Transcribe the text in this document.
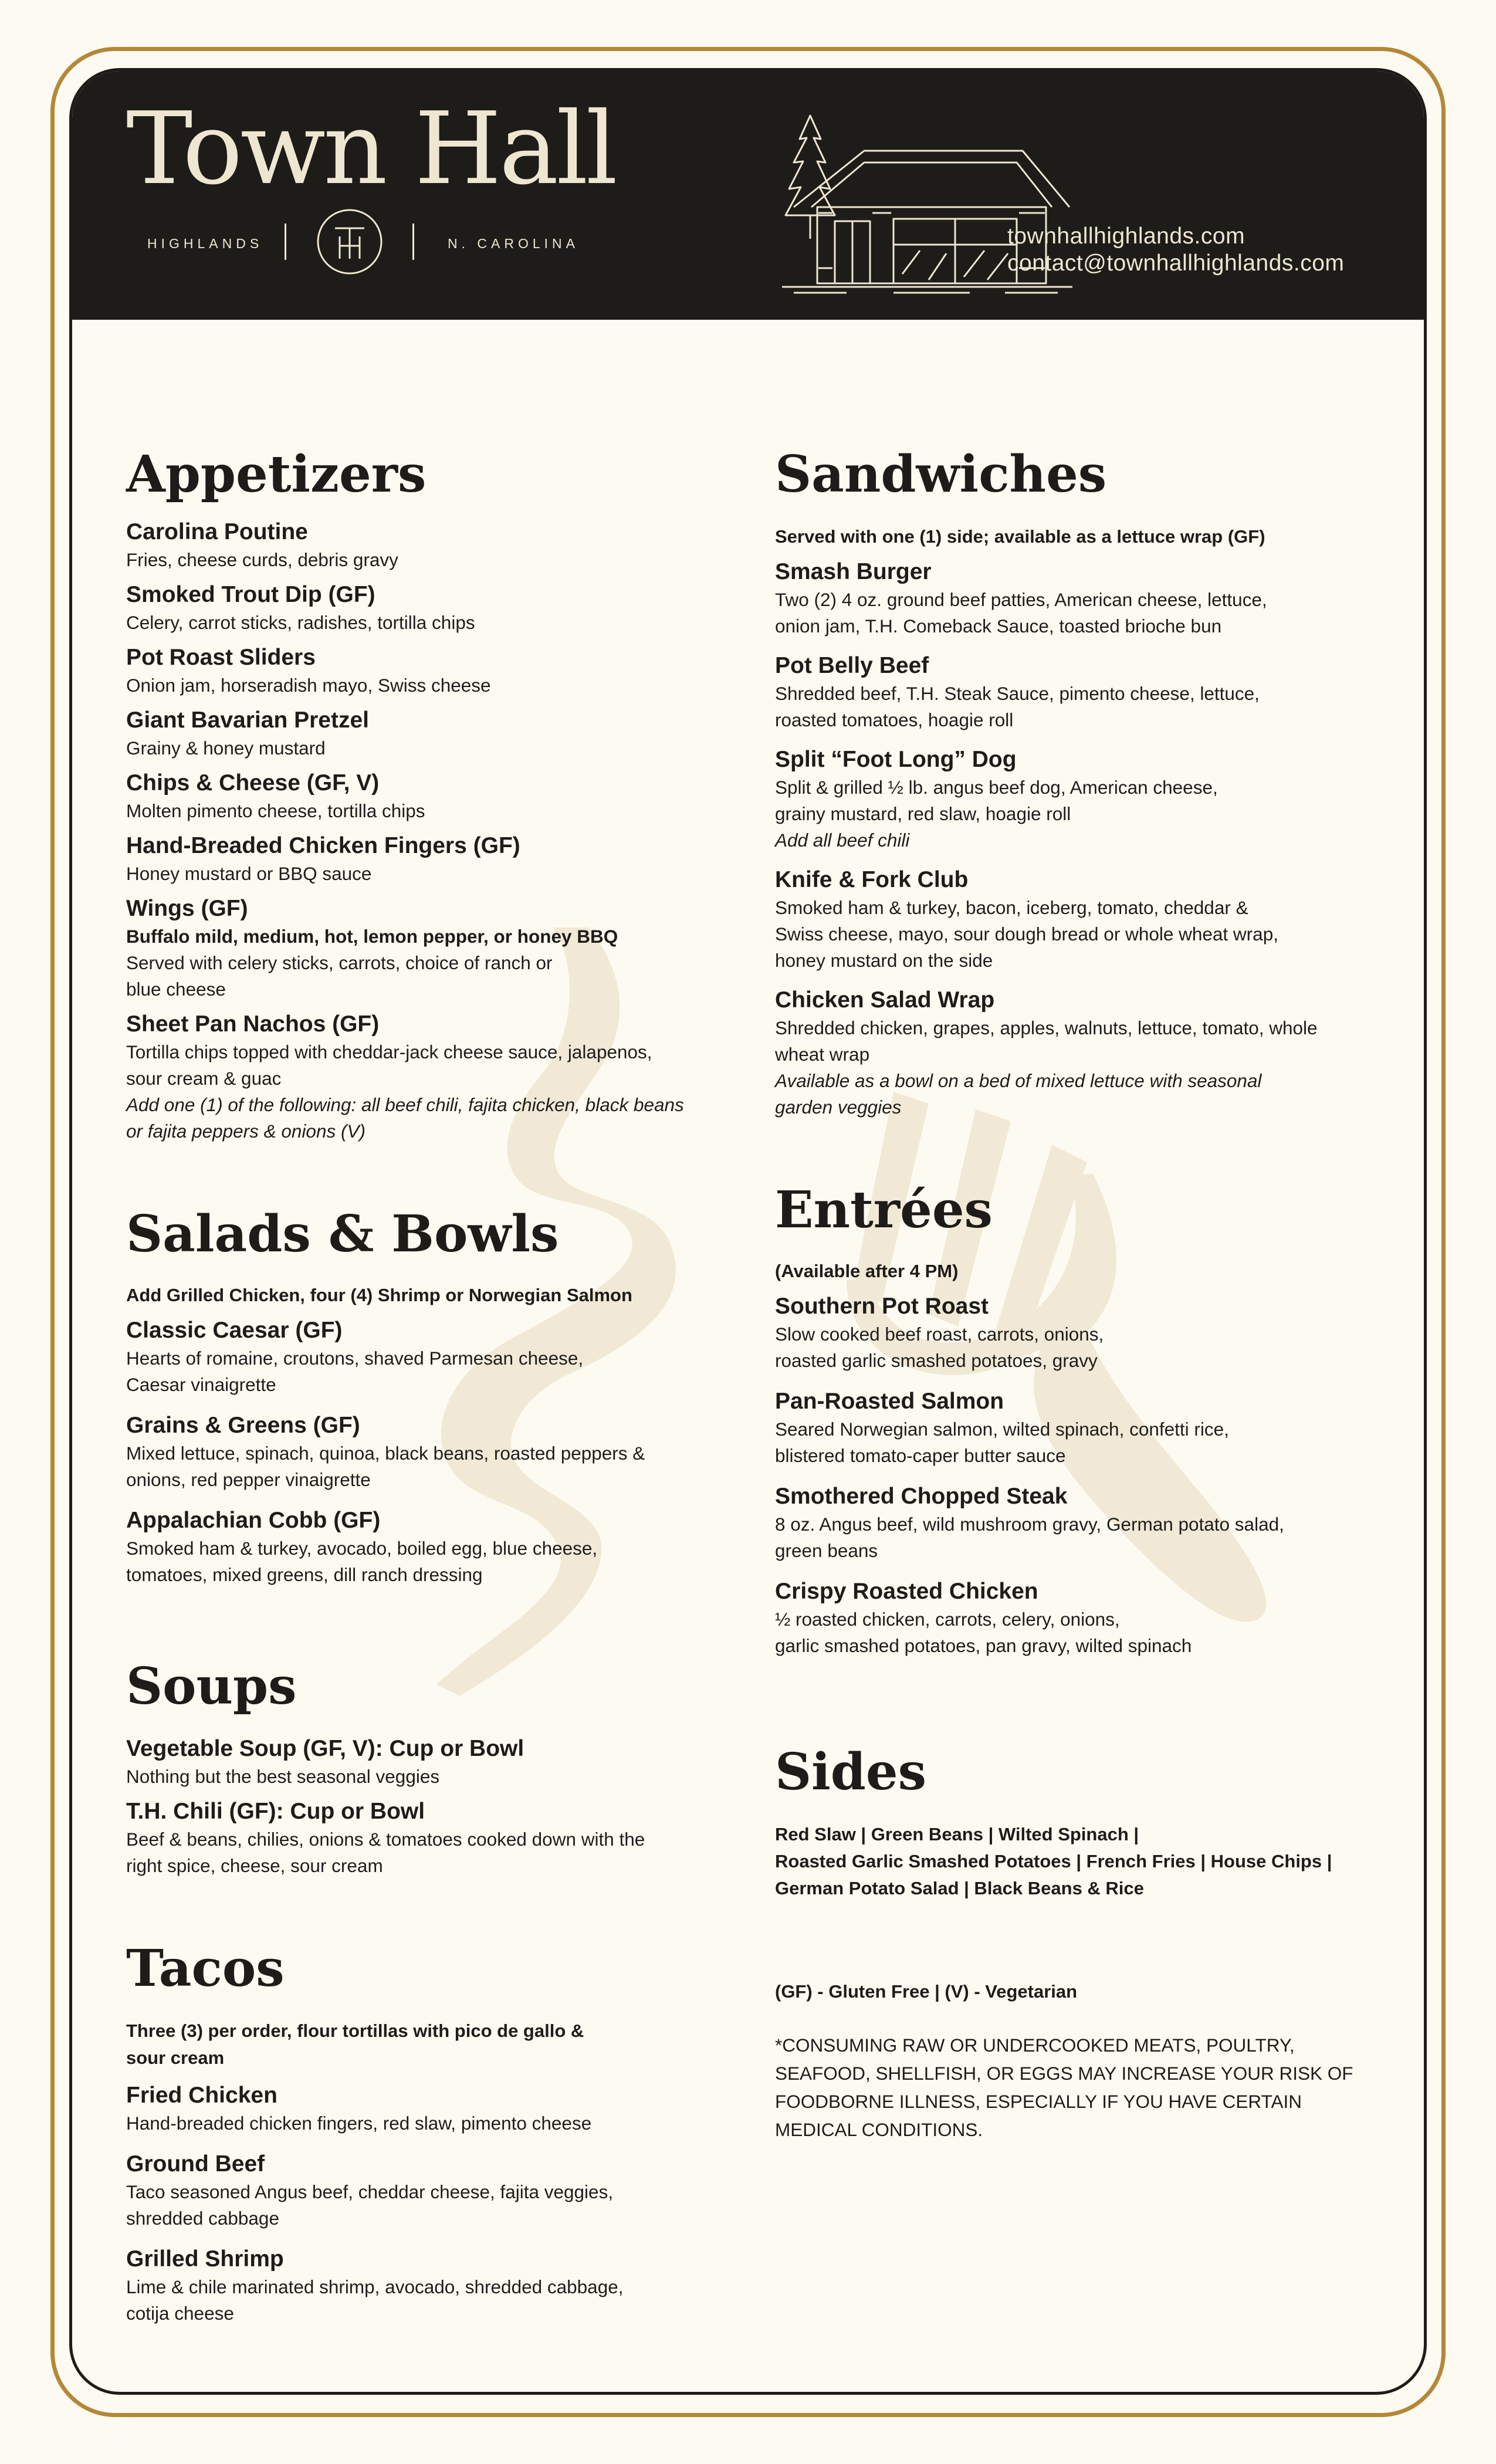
Town Hall
HIGHLANDS	N. CAROLINA	townhallhighlands.com
contact@townhallhighlands.com
Appetizers

Carolina Poutine

Fries, cheese curds, debris gravy

Smoked Trout Dip (GF)

Celery, carrot sticks, radishes, tortilla chips

Pot Roast Sliders

Onion jam, horseradish mayo, Swiss cheese

Giant Bavarian Pretzel

Grainy & honey mustard

Chips & Cheese (GF, V)

Molten pimento cheese, tortilla chips

Hand-Breaded Chicken Fingers (GF)

Honey mustard or BBQ sauce

Wings (GF)

Buffalo mild, medium, hot, lemon pepper, or honey BBQ

Served with celery sticks, carrots, choice of ranch or

blue cheese

Sheet Pan Nachos (GF)

Tortilla chips topped with cheddar-jack cheese sauce, jalapenos,

sour cream & guac

Add one (1) of the following: all beef chili, fajita chicken, black beans

or fajita peppers & onions (V)

Salads & Bowls

Add Grilled Chicken, four (4) Shrimp or Norwegian Salmon

Classic Caesar (GF)

Hearts of romaine, croutons, shaved Parmesan cheese,

Caesar vinaigrette

Grains & Greens (GF)

Mixed lettuce, spinach, quinoa, black beans, roasted peppers &

onions, red pepper vinaigrette

Appalachian Cobb (GF)

Smoked ham & turkey, avocado, boiled egg, blue cheese,

tomatoes, mixed greens, dill ranch dressing

Soups

Vegetable Soup (GF, V): Cup or Bowl

Nothing but the best seasonal veggies

T.H. Chili (GF): Cup or Bowl

Beef & beans, chilies, onions & tomatoes cooked down with the

right spice, cheese, sour cream

Tacos

Three (3) per order, flour tortillas with pico de gallo &

sour cream

Fried Chicken

Hand-breaded chicken fingers, red slaw, pimento cheese

Ground Beef

Taco seasoned Angus beef, cheddar cheese, fajita veggies,

shredded cabbage

Grilled Shrimp

Lime & chile marinated shrimp, avocado, shredded cabbage,

cotija cheese

Sandwiches

Served with one (1) side; available as a lettuce wrap (GF)

Smash Burger

Two (2) 4 oz. ground beef patties, American cheese, lettuce,

onion jam, T.H. Comeback Sauce, toasted brioche bun

Pot Belly Beef

Shredded beef, T.H. Steak Sauce, pimento cheese, lettuce,

roasted tomatoes, hoagie roll

Split “Foot Long” Dog

Split & grilled ½ lb. angus beef dog, American cheese,

grainy mustard, red slaw, hoagie roll

Add all beef chili

Knife & Fork Club

Smoked ham & turkey, bacon, iceberg, tomato, cheddar &

Swiss cheese, mayo, sour dough bread or whole wheat wrap,

honey mustard on the side

Chicken Salad Wrap

Shredded chicken, grapes, apples, walnuts, lettuce, tomato, whole

wheat wrap

Available as a bowl on a bed of mixed lettuce with seasonal

garden veggies

Entrées

(Available after 4 PM)

Southern Pot Roast

Slow cooked beef roast, carrots, onions,

roasted garlic smashed potatoes, gravy

Pan-Roasted Salmon

Seared Norwegian salmon, wilted spinach, confetti rice,

blistered tomato-caper butter sauce

Smothered Chopped Steak

8 oz. Angus beef, wild mushroom gravy, German potato salad,

green beans

Crispy Roasted Chicken

½ roasted chicken, carrots, celery, onions,

garlic smashed potatoes, pan gravy, wilted spinach

Sides

Red Slaw | Green Beans | Wilted Spinach |

Roasted Garlic Smashed Potatoes | French Fries | House Chips |

German Potato Salad | Black Beans & Rice

(GF) - Gluten Free | (V) - Vegetarian

*CONSUMING RAW OR UNDERCOOKED MEATS, POULTRY,

SEAFOOD, SHELLFISH, OR EGGS MAY INCREASE YOUR RISK OF

FOODBORNE ILLNESS, ESPECIALLY IF YOU HAVE CERTAIN

MEDICAL CONDITIONS.
